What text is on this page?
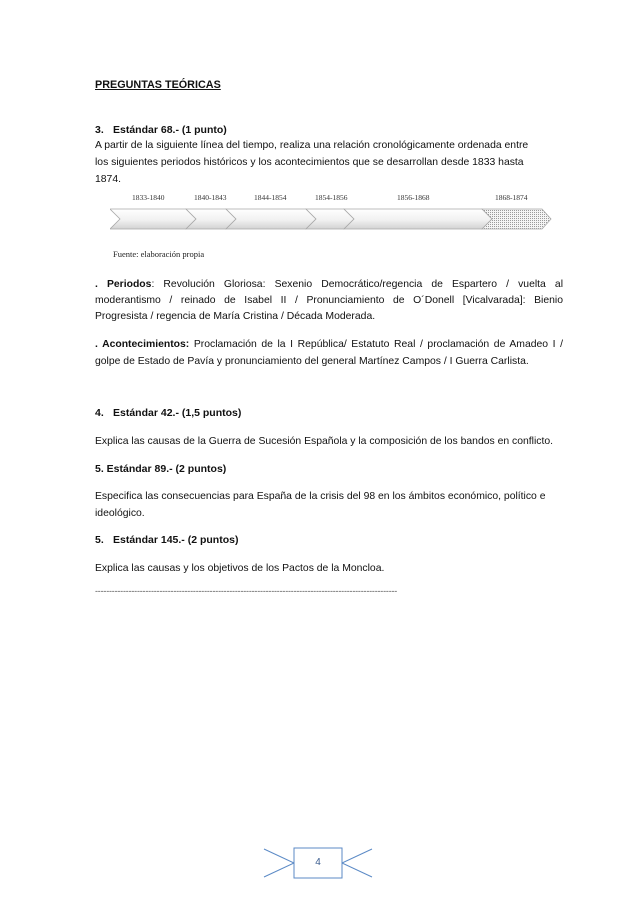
PREGUNTAS TEÓRICAS
3. Estándar 68.- (1 punto)
A partir de la siguiente línea del tiempo, realiza una relación cronológicamente ordenada entre
los siguientes periodos históricos y los acontecimientos que se desarrollan desde 1833 hasta
1874.
1833-1840	1840-1843	1844-1854	1854-1856	1856-1868	1868-1874
Fuente: elaboración propia
. Periodos: Revolución Gloriosa: Sexenio Democrático/regencia de Espartero / vuelta al
moderantismo / reinado de Isabel II / Pronunciamiento de O´Donell [Vicalvarada]: Bienio
Progresista / regencia de María Cristina / Década Moderada.
. Acontecimientos: Proclamación de la I República/ Estatuto Real / proclamación de Amadeo I /
golpe de Estado de Pavía y pronunciamiento del general Martínez Campos / I Guerra Carlista.
4. Estándar 42.- (1,5 puntos)
Explica las causas de la Guerra de Sucesión Española y la composición de los bandos en conflicto.
5. Estándar 89.- (2 puntos)
Especifica las consecuencias para España de la crisis del 98 en los ámbitos económico, político e
ideológico.
5. Estándar 145.- (2 puntos)
Explica las causas y los objetivos de los Pactos de la Moncloa.
------------------------------------------------------------------------------------------------------------
4
